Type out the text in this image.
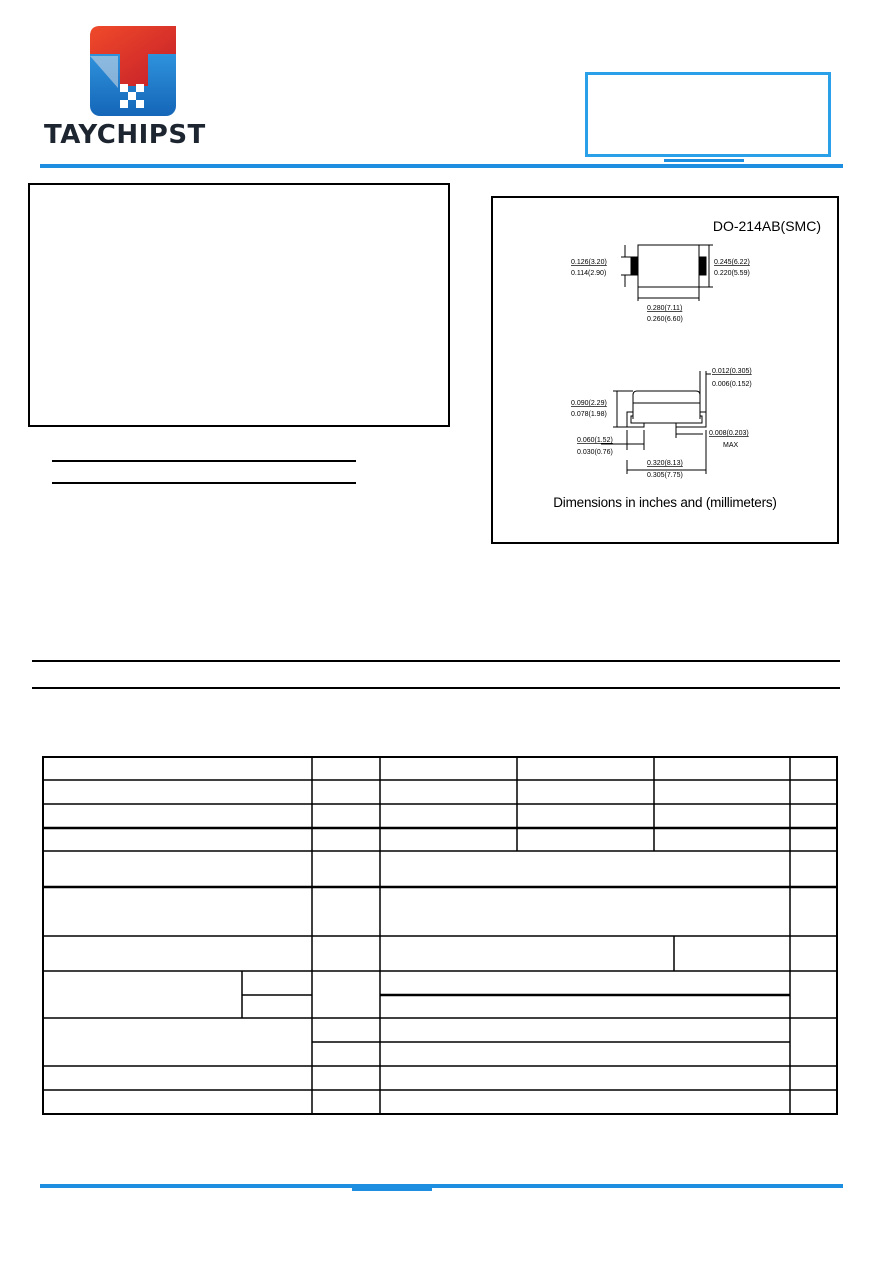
TAYCHIPST
DO-214AB(SMC)
0.126(3.20)
0.114(2.90)
0.245(6.22)
0.220(5.59)
0.280(7.11)
0.260(6.60)
0.012(0.305)
0.006(0.152)
0.090(2.29)
0.078(1.98)
0.008(0.203)
MAX
0.060(1.52)
0.030(0.76)
0.320(8.13)
0.305(7.75)
Dimensions in inches and (millimeters)
